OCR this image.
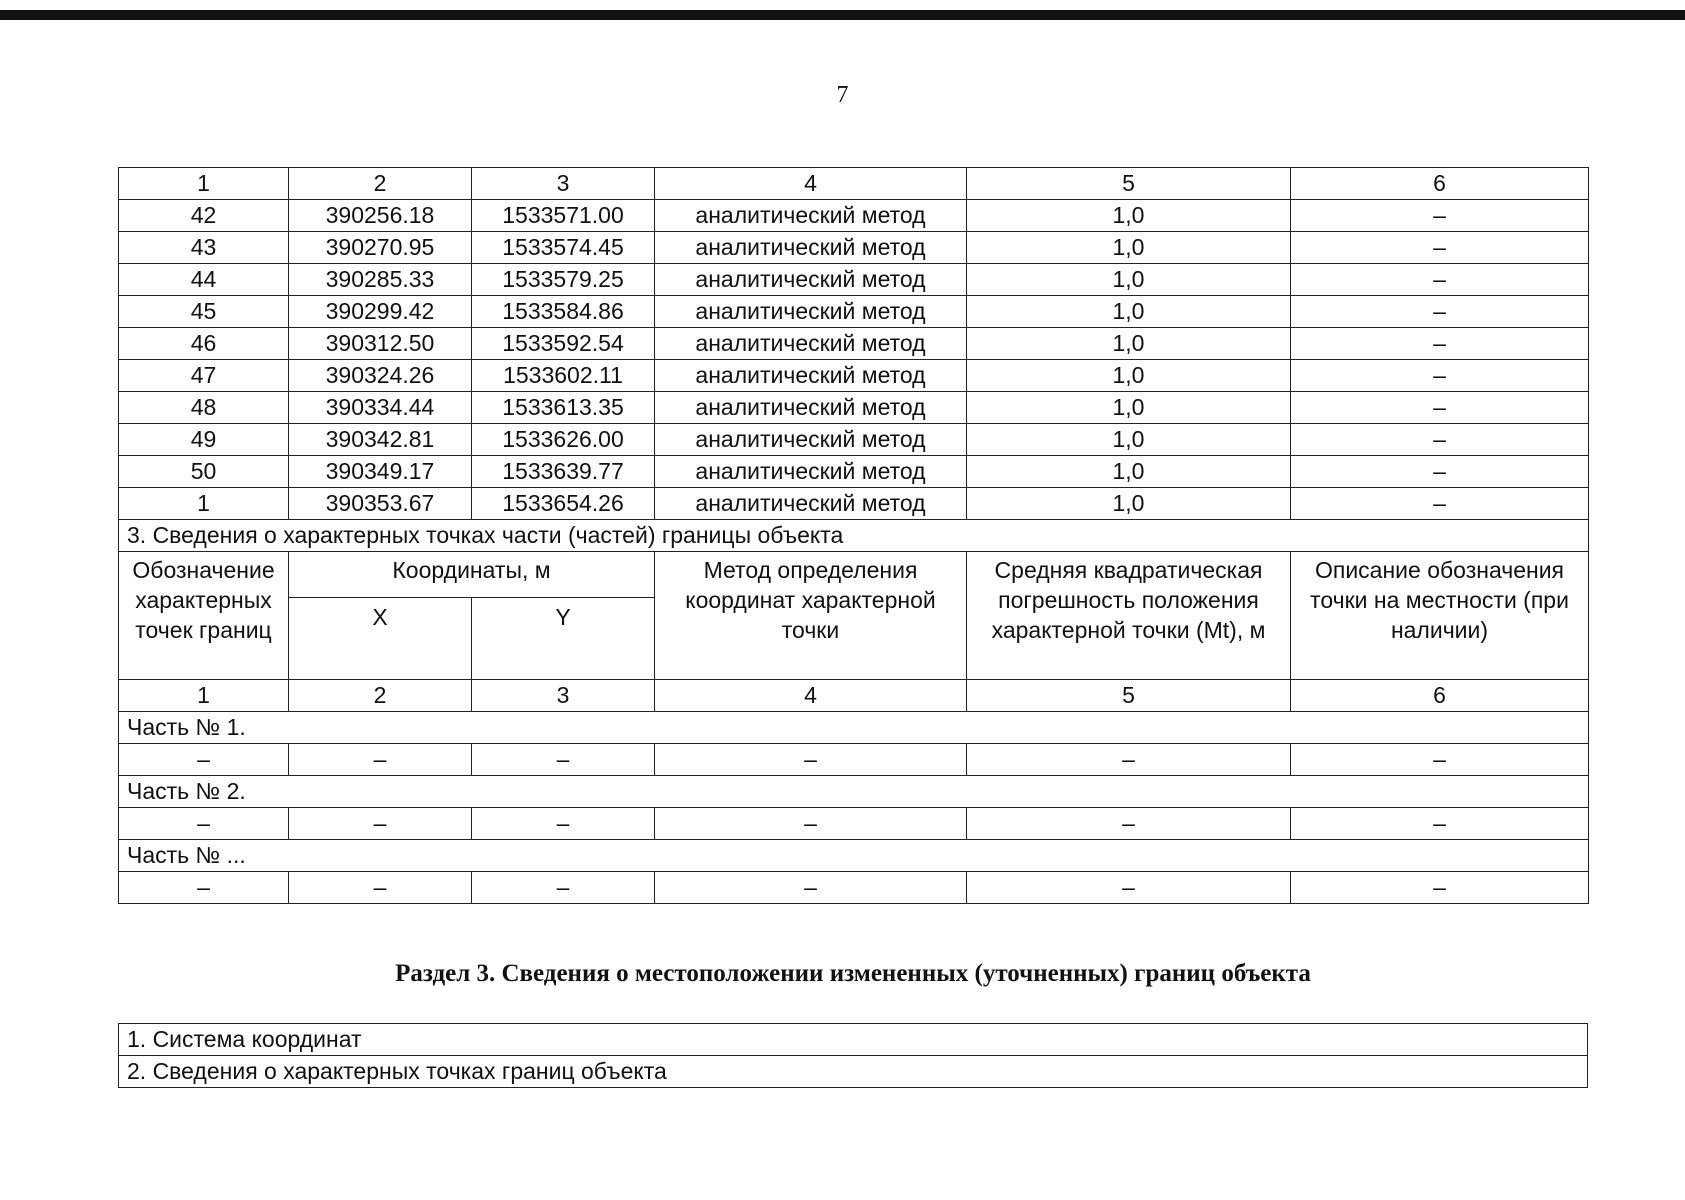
7
1	2	3	4	5	6
42	390256.18	1533571.00	аналитический метод	1,0	–
43	390270.95	1533574.45	аналитический метод	1,0	–
44	390285.33	1533579.25	аналитический метод	1,0	–
45	390299.42	1533584.86	аналитический метод	1,0	–
46	390312.50	1533592.54	аналитический метод	1,0	–
47	390324.26	1533602.11	аналитический метод	1,0	–
48	390334.44	1533613.35	аналитический метод	1,0	–
49	390342.81	1533626.00	аналитический метод	1,0	–
50	390349.17	1533639.77	аналитический метод	1,0	–
1	390353.67	1533654.26	аналитический метод	1,0	–
3. Сведения о характерных точках части (частей) границы объекта					
Обозначение характерных точек границ	Координаты, м		Метод определения координат характерной точки	Средняя квадратическая погрешность положения характерной точки (Mt), м	Описание обозначения точки на местности (при наличии)
	X	Y			
1	2	3	4	5	6
Часть № 1.					
–	–	–	–	–	–
Часть № 2.					
–	–	–	–	–	–
Часть № ...					
–	–	–	–	–	–
Раздел 3. Сведения о местоположении измененных (уточненных) границ объекта
1. Система координат
2. Сведения о характерных точках границ объекта
